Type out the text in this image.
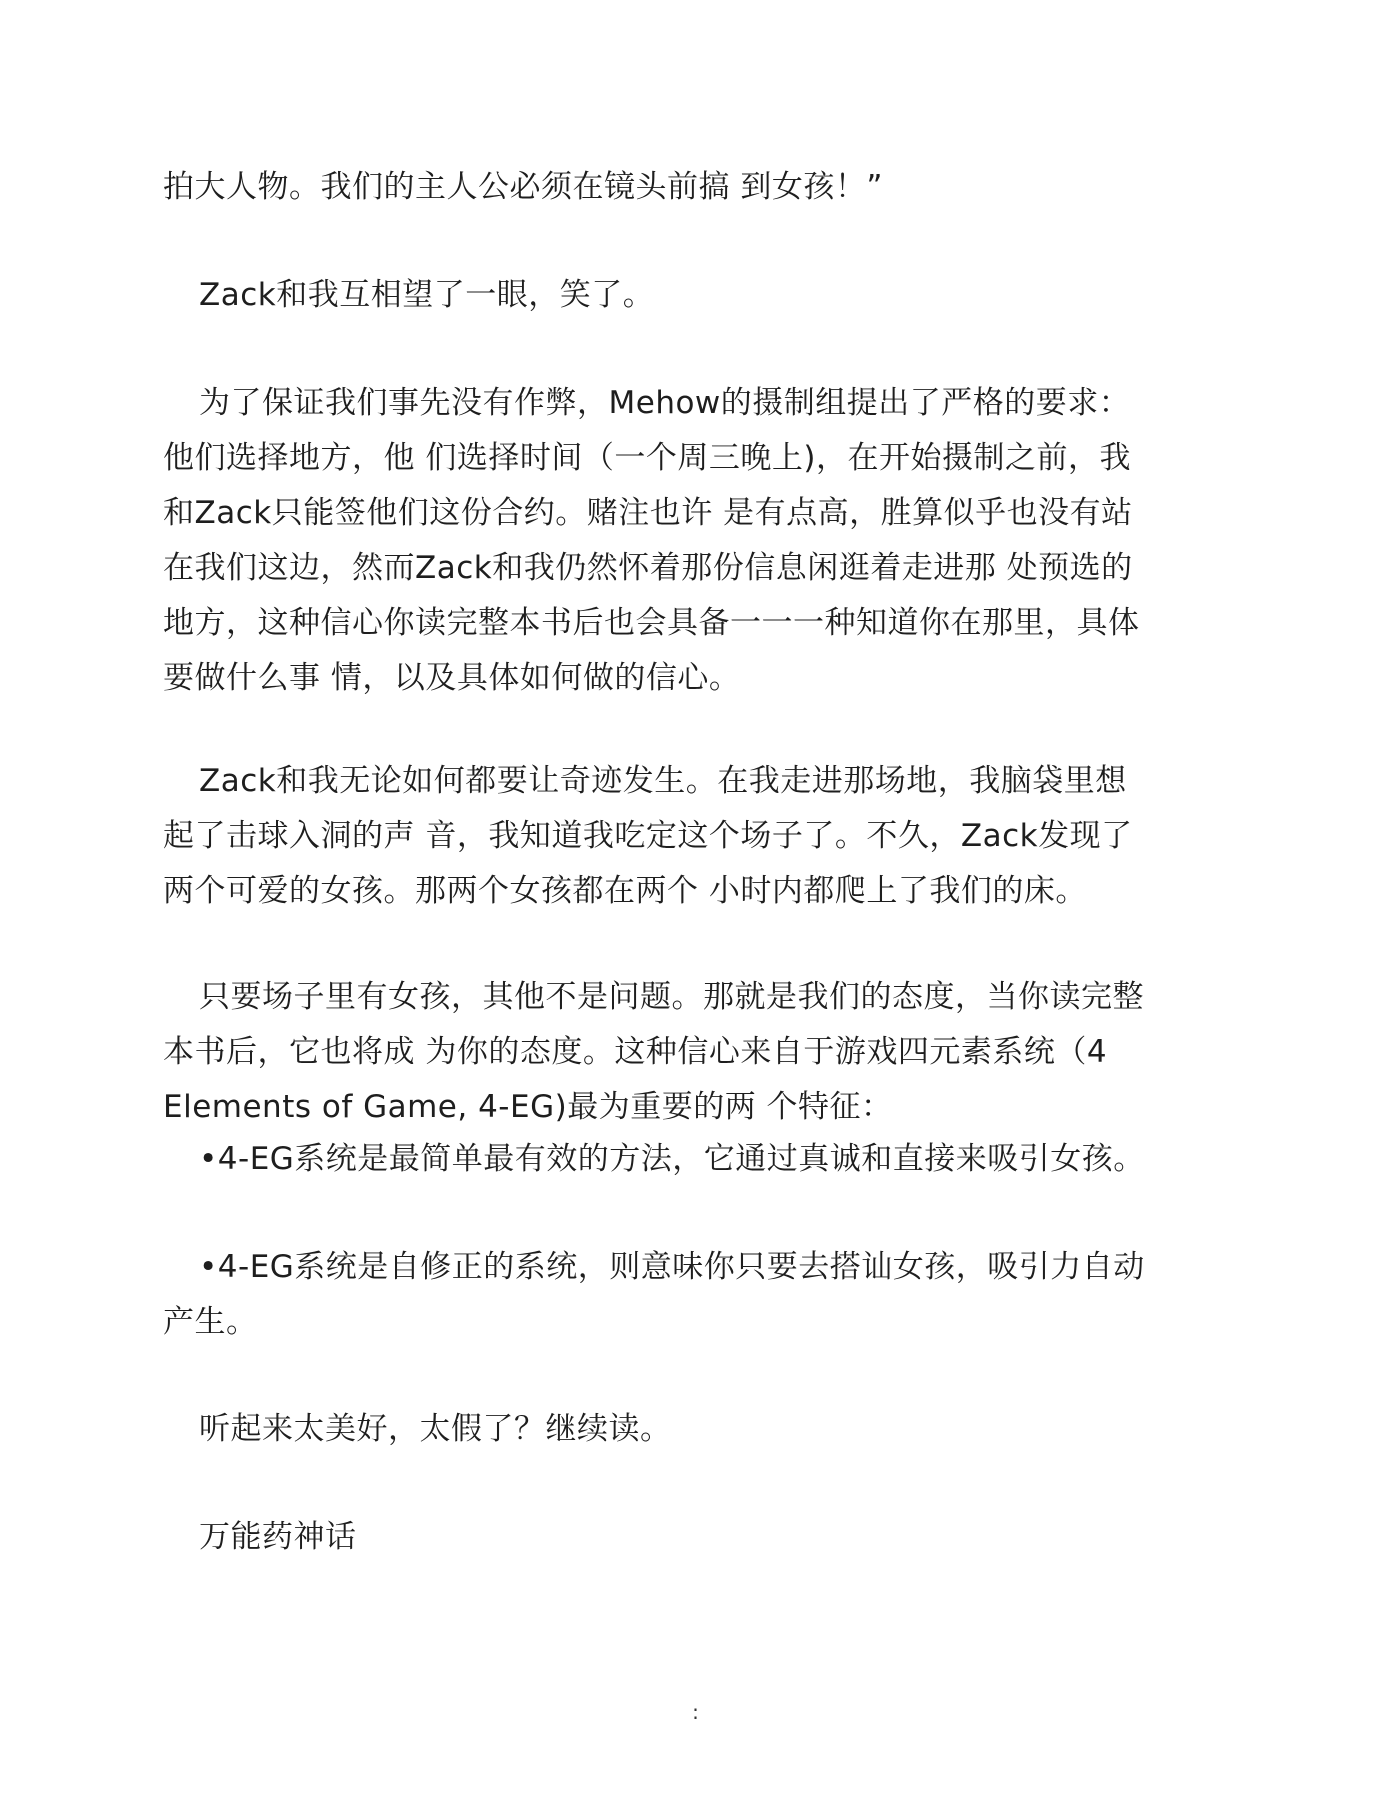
拍大人物。我们的主人公必须在镜头前搞 到女孩！”

Zack和我互相望了一眼，笑了。

为了保证我们事先没有作弊，Mehow的摄制组提出了严格的要求：
他们选择地方，他 们选择时间（一个周三晚上)，在开始摄制之前，我
和Zack只能签他们这份合约。赌注也许 是有点高，胜算似乎也没有站
在我们这边，然而Zack和我仍然怀着那份信息闲逛着走进那 处预选的
地方，这种信心你读完整本书后也会具备一一一种知道你在那里，具体
要做什么事 情，以及具体如何做的信心。

Zack和我无论如何都要让奇迹发生。在我走进那场地，我脑袋里想
起了击球入洞的声 音，我知道我吃定这个场子了。不久，Zack发现了
两个可爱的女孩。那两个女孩都在两个 小时内都爬上了我们的床。

只要场子里有女孩，其他不是问题。那就是我们的态度，当你读完整
本书后，它也将成 为你的态度。这种信心来自于游戏四元素系统（4
Elements of Game, 4-EG)最为重要的两 个特征：

•4-EG系统是最简单最有效的方法，它通过真诚和直接来吸引女孩。

•4-EG系统是自修正的系统，则意味你只要去搭讪女孩，吸引力自动
产生。

听起来太美好，太假了？继续读。

万能药神话

:
